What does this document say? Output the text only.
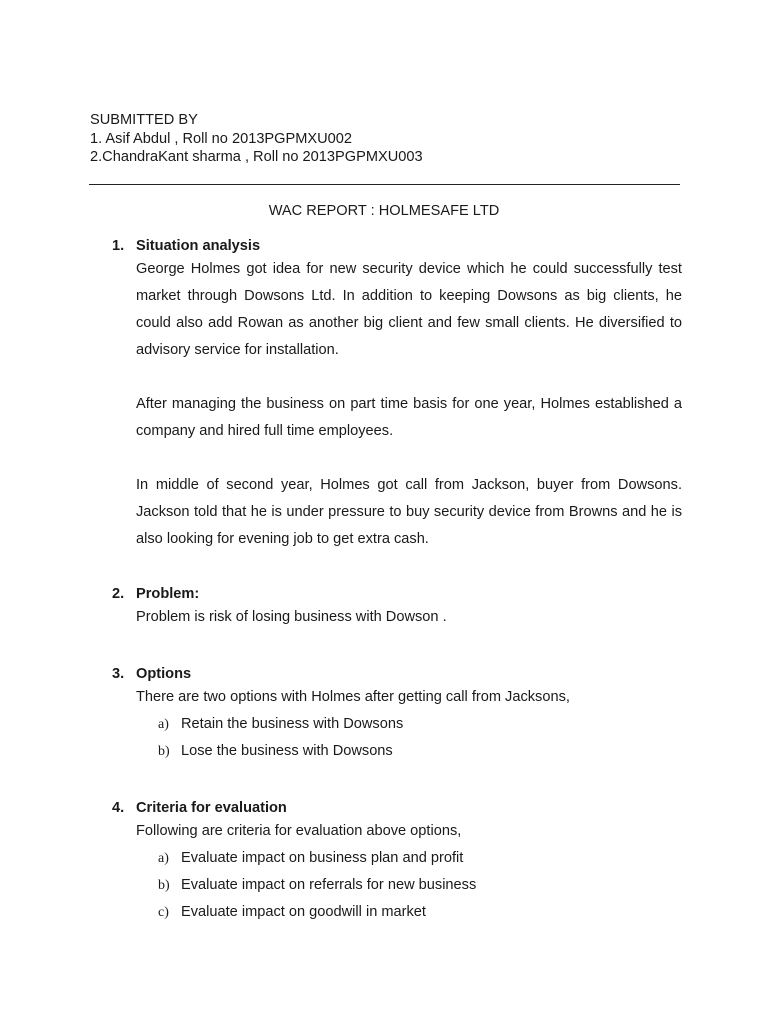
SUBMITTED BY
1. Asif Abdul , Roll no 2013PGPMXU002
2.ChandraKant sharma , Roll no 2013PGPMXU003
WAC REPORT : HOLMESAFE LTD
1. Situation analysis
George Holmes got idea for new security device which he could successfully test market through Dowsons Ltd. In addition to keeping Dowsons as big clients, he could also add Rowan as another big client and few small clients. He diversified to advisory service for installation.
After managing the business on part time basis for one year, Holmes established a company and hired full time employees.
In middle of second year, Holmes got call from Jackson, buyer from Dowsons. Jackson told that he is under pressure to buy security device from Browns and he is also looking for evening job to get extra cash.
2. Problem:
Problem is risk of losing business with Dowson .
3. Options
There are two options with Holmes after getting call from Jacksons,
a) Retain the business with Dowsons
b) Lose the business with Dowsons
4. Criteria for evaluation
Following are criteria for evaluation above options,
a) Evaluate impact on business plan and profit
b) Evaluate impact on referrals for new business
c) Evaluate impact on goodwill in market
